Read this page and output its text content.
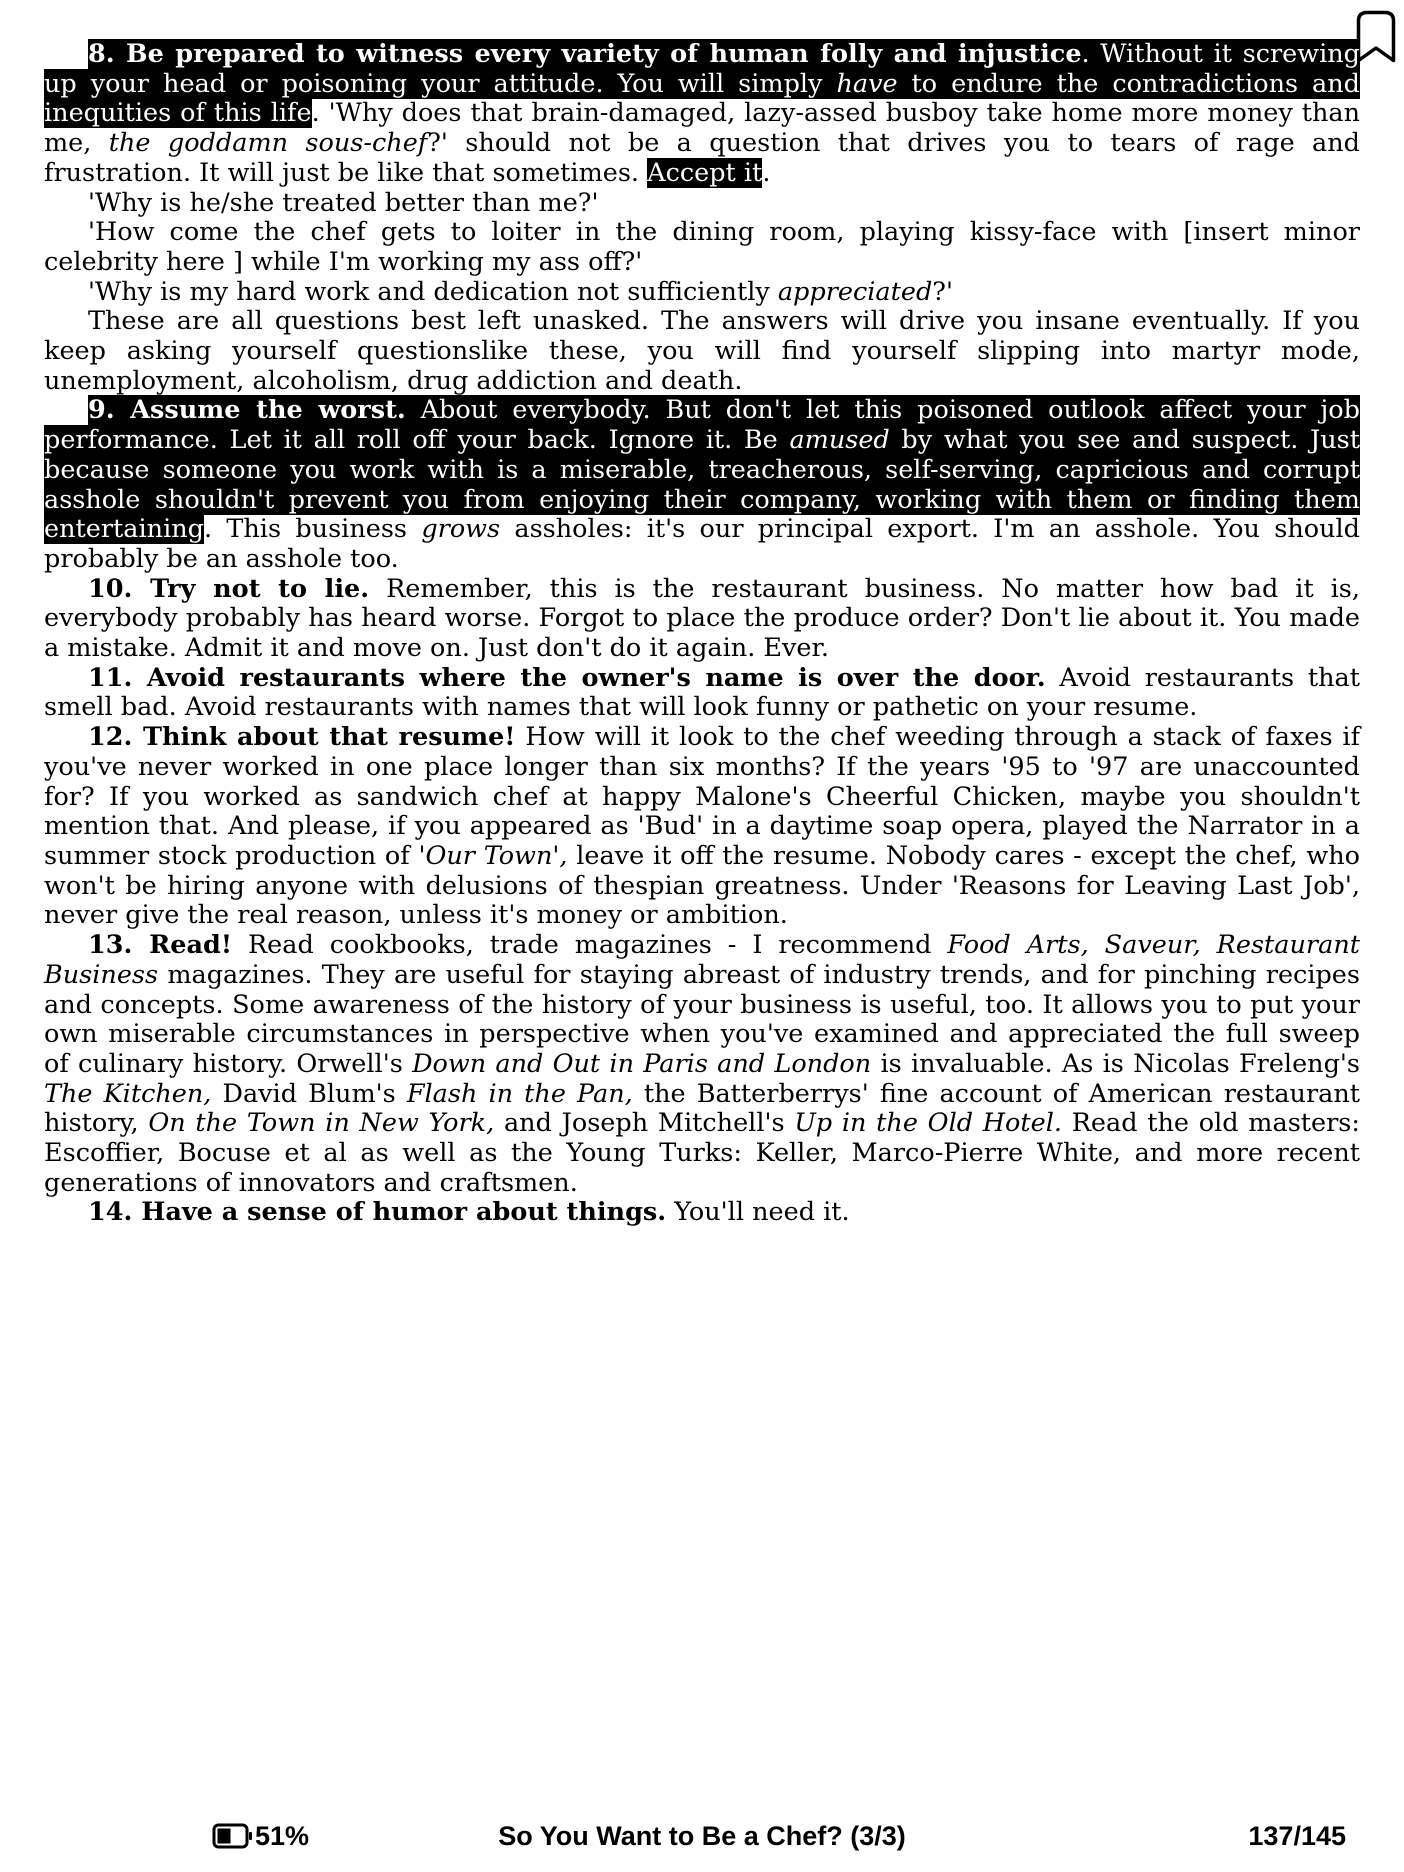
8. Be prepared to witness every variety of human folly and injustice. Without it screwing up your head or poisoning your attitude. You will simply have to endure the contradictions and inequities of this life. 'Why does that brain-damaged, lazy-assed busboy take home more money than me, the goddamn sous-chef?' should not be a question that drives you to tears of rage and frustration. It will just be like that sometimes. Accept it.

'Why is he/she treated better than me?'

'How come the chef gets to loiter in the dining room, playing kissy-face with [insert minor celebrity here ] while I'm working my ass off?'

'Why is my hard work and dedication not sufficiently appreciated?'

These are all questions best left unasked. The answers will drive you insane eventually. If you keep asking yourself questionslike these, you will find yourself slipping into martyr mode, unemployment, alcoholism, drug addiction and death.

9. Assume the worst. About everybody. But don't let this poisoned outlook affect your job performance. Let it all roll off your back. Ignore it. Be amused by what you see and suspect. Just because someone you work with is a miserable, treacherous, self-serving, capricious and corrupt asshole shouldn't prevent you from enjoying their company, working with them or finding them entertaining. This business grows assholes: it's our principal export. I'm an asshole. You should probably be an asshole too.

10. Try not to lie. Remember, this is the restaurant business. No matter how bad it is, everybody probably has heard worse. Forgot to place the produce order? Don't lie about it. You made a mistake. Admit it and move on. Just don't do it again. Ever.

11. Avoid restaurants where the owner's name is over the door. Avoid restaurants that smell bad. Avoid restaurants with names that will look funny or pathetic on your resume.

12. Think about that resume! How will it look to the chef weeding through a stack of faxes if you've never worked in one place longer than six months? If the years '95 to '97 are unaccounted for? If you worked as sandwich chef at happy Malone's Cheerful Chicken, maybe you shouldn't mention that. And please, if you appeared as 'Bud' in a daytime soap opera, played the Narrator in a summer stock production of 'Our Town', leave it off the resume. Nobody cares - except the chef, who won't be hiring anyone with delusions of thespian greatness. Under 'Reasons for Leaving Last Job', never give the real reason, unless it's money or ambition.

13. Read! Read cookbooks, trade magazines - I recommend Food Arts, Saveur, Restaurant Business magazines. They are useful for staying abreast of industry trends, and for pinching recipes and concepts. Some awareness of the history of your business is useful, too. It allows you to put your own miserable circumstances in perspective when you've examined and appreciated the full sweep of culinary history. Orwell's Down and Out in Paris and London is invaluable. As is Nicolas Freleng's The Kitchen, David Blum's Flash in the Pan, the Batterberrys' fine account of American restaurant history, On the Town in New York, and Joseph Mitchell's Up in the Old Hotel. Read the old masters: Escoffier, Bocuse et al as well as the Young Turks: Keller, Marco-Pierre White, and more recent generations of innovators and craftsmen.

14. Have a sense of humor about things. You'll need it.

51%	So You Want to Be a Chef? (3/3)	137/145
